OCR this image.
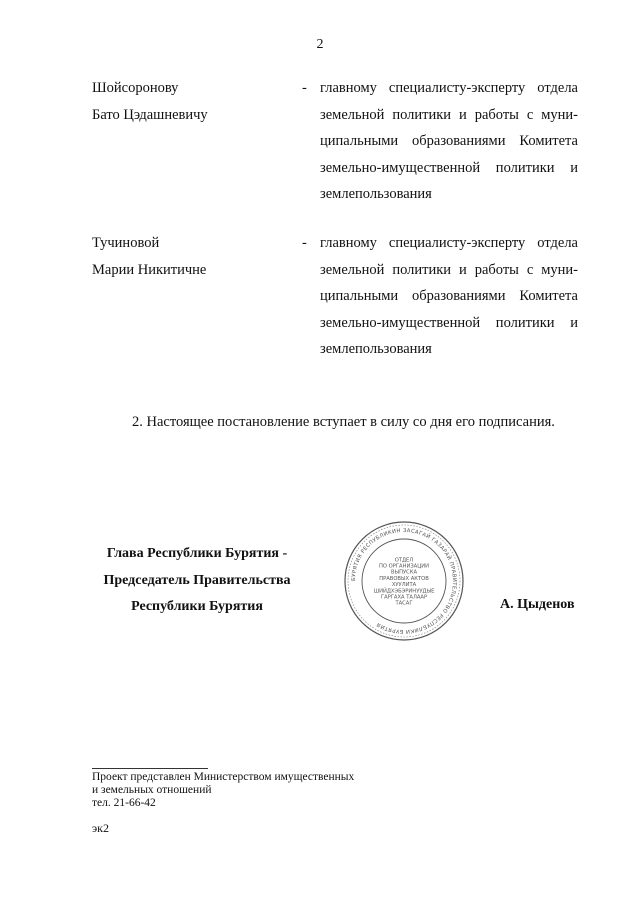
2
Шойсоронову
Бато Цэдашневичу
- главному специалисту-эксперту отдела
земельной политики и работы с муни-
ципальными образованиями Комитета
земельно-имущественной политики и
землепользования
Тучиновой
Марии Никитичне
- главному специалисту-эксперту отдела
земельной политики и работы с муни-
ципальными образованиями Комитета
земельно-имущественной политики и
землепользования
2. Настоящее постановление вступает в силу со дня его подписания.
Глава Республики Бурятия -
Председатель Правительства
Республики Бурятия
БУРЯТИЯ РЕСПУБЛИКИН ЗАСАГАЙ ГАЗАРАЙ ПРАВИТЕЛЬСТВО РЕСПУБЛИКИ БУРЯТИЯ
ОТДЕЛ
ПО ОРГАНИЗАЦИИ
ВЫПУСКА
ПРАВОВЫХ АКТОВ
ХУУЛИТА
ШИЙДХЭБЭРИНУУДЫЕ
ГАРГАХА ТАЛААР
ТАСАГ	А. Цыденов
Проект представлен Министерством имущественных
и земельных отношений
тел. 21-66-42
эк2
